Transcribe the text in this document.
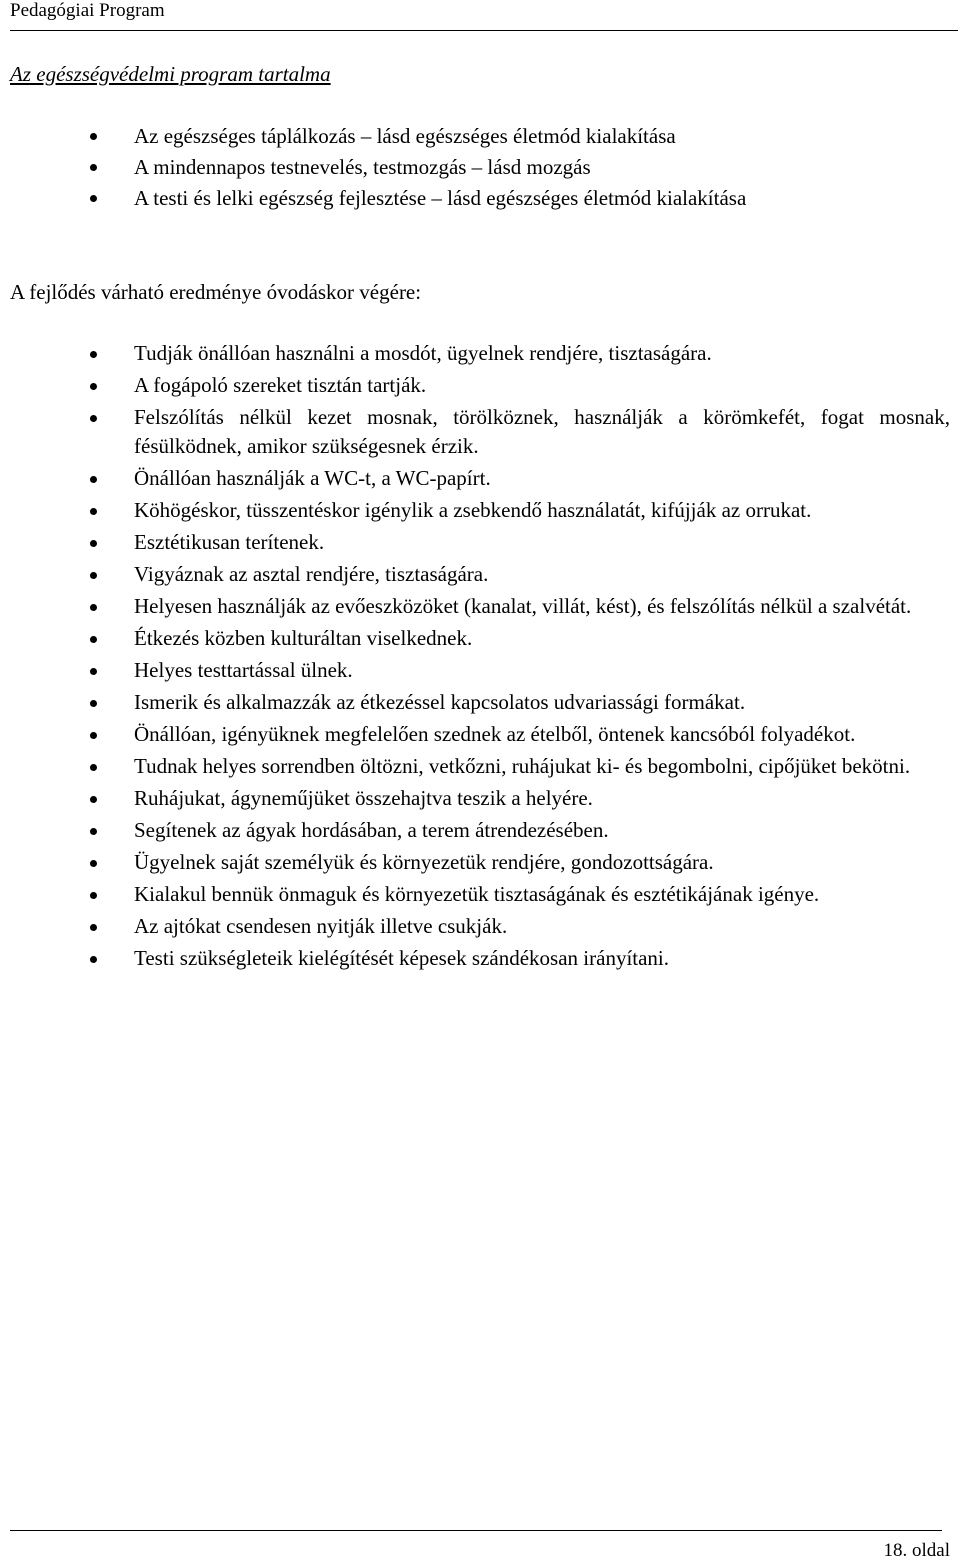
Pedagógiai Program
Az egészségvédelmi program tartalma
Az egészséges táplálkozás – lásd egészséges életmód kialakítása
A mindennapos testnevelés, testmozgás – lásd mozgás
A testi és lelki egészség fejlesztése – lásd egészséges életmód kialakítása
A fejlődés várható eredménye óvodáskor végére:
Tudják önállóan használni a mosdót, ügyelnek rendjére, tisztaságára.
A fogápoló szereket tisztán tartják.
Felszólítás nélkül kezet mosnak, törölköznek, használják a körömkefét, fogat mosnak, fésülködnek, amikor szükségesnek érzik.
Önállóan használják a WC-t, a WC-papírt.
Köhögéskor, tüsszentéskor igénylik a zsebkendő használatát, kifújják az orrukat.
Esztétikusan terítenek.
Vigyáznak az asztal rendjére, tisztaságára.
Helyesen használják az evőeszközöket (kanalat, villát, kést), és felszólítás nélkül a szalvétát.
Étkezés közben kulturáltan viselkednek.
Helyes testtartással ülnek.
Ismerik és alkalmazzák az étkezéssel kapcsolatos udvariassági formákat.
Önállóan, igényüknek megfelelően szednek az ételből, öntenek kancsóból folyadékot.
Tudnak helyes sorrendben öltözni, vetkőzni, ruhájukat ki- és begombolni, cipőjüket bekötni.
Ruhájukat, ágyneműjüket összehajtva teszik a helyére.
Segítenek az ágyak hordásában, a terem átrendezésében.
Ügyelnek saját személyük és környezetük rendjére, gondozottságára.
Kialakul bennük önmaguk és környezetük tisztaságának és esztétikájának igénye.
Az ajtókat csendesen nyitják illetve csukják.
Testi szükségleteik kielégítését képesek szándékosan irányítani.
18. oldal
